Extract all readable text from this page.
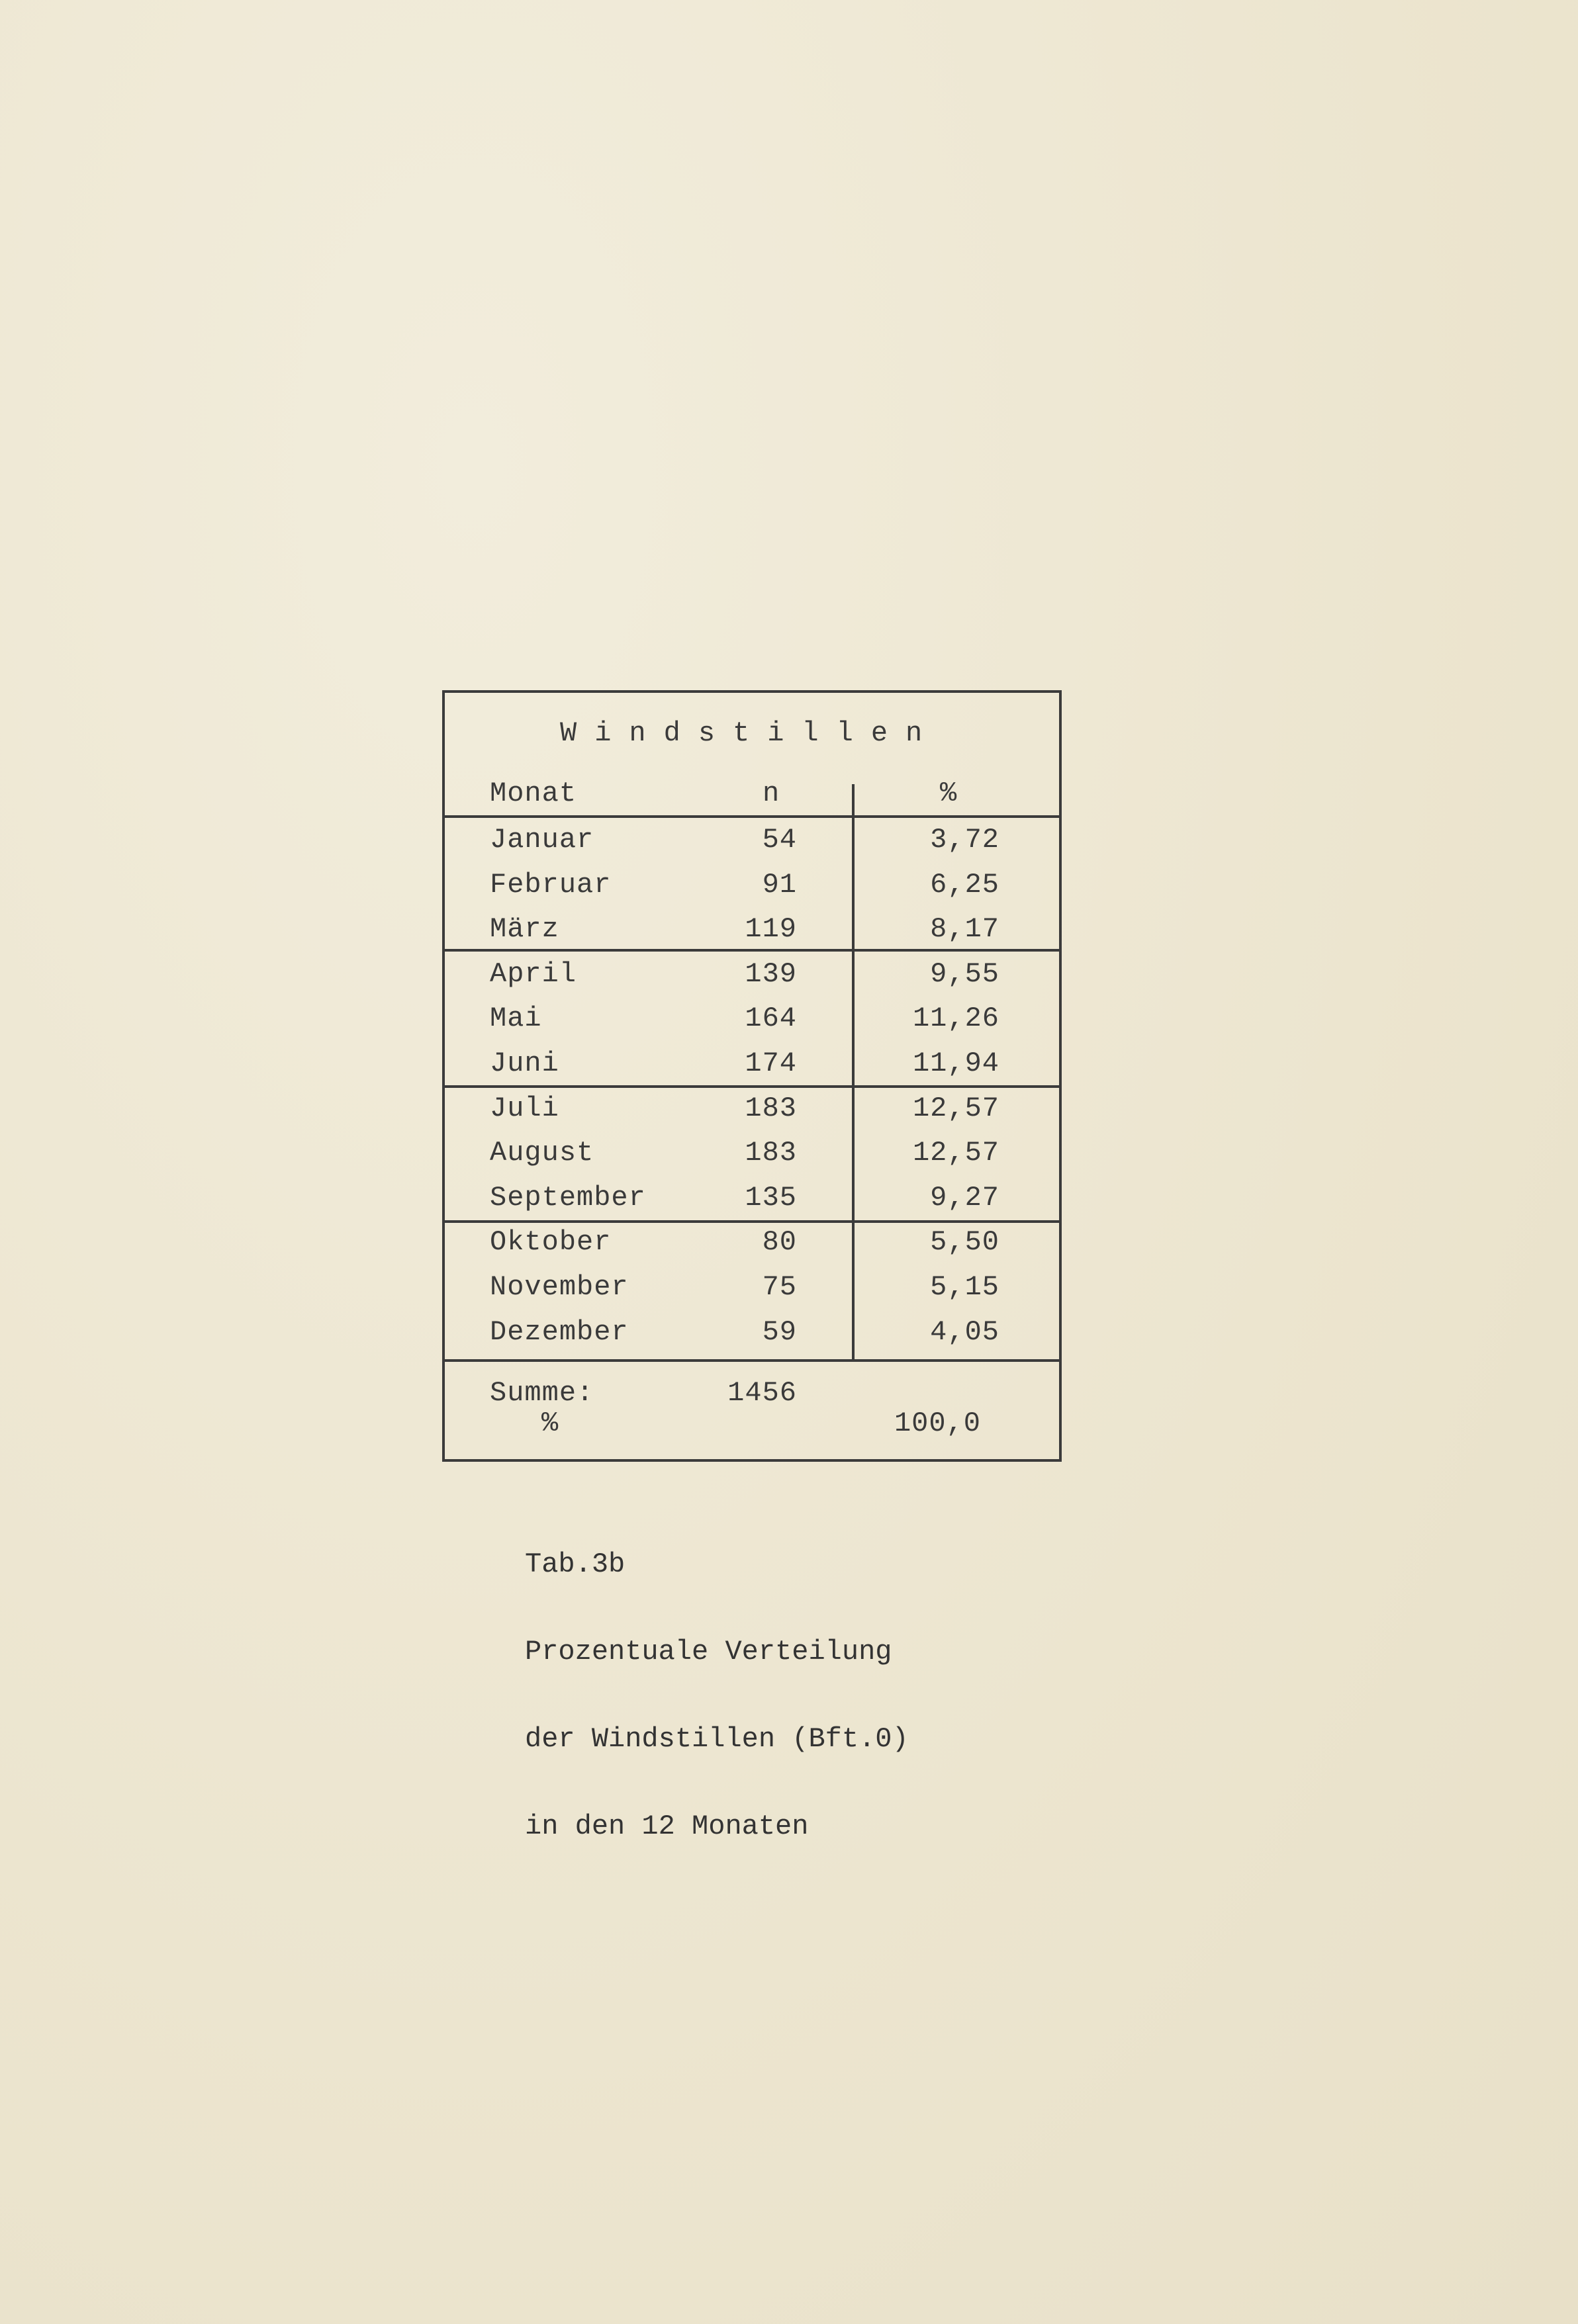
Windstillen
Monat	n	%
Januar	54	3,72
Februar	91	6,25
März	119	8,17
April	139	9,55
Mai	164	11,26
Juni	174	11,94
Juli	183	12,57
August	183	12,57
September	135	9,27
Oktober	80	5,50
November	75	5,15
Dezember	59	4,05
Summe:	1456
%	100,0

Tab.3b

Prozentuale Verteilung

der Windstillen (Bft.0)

in den 12 Monaten
